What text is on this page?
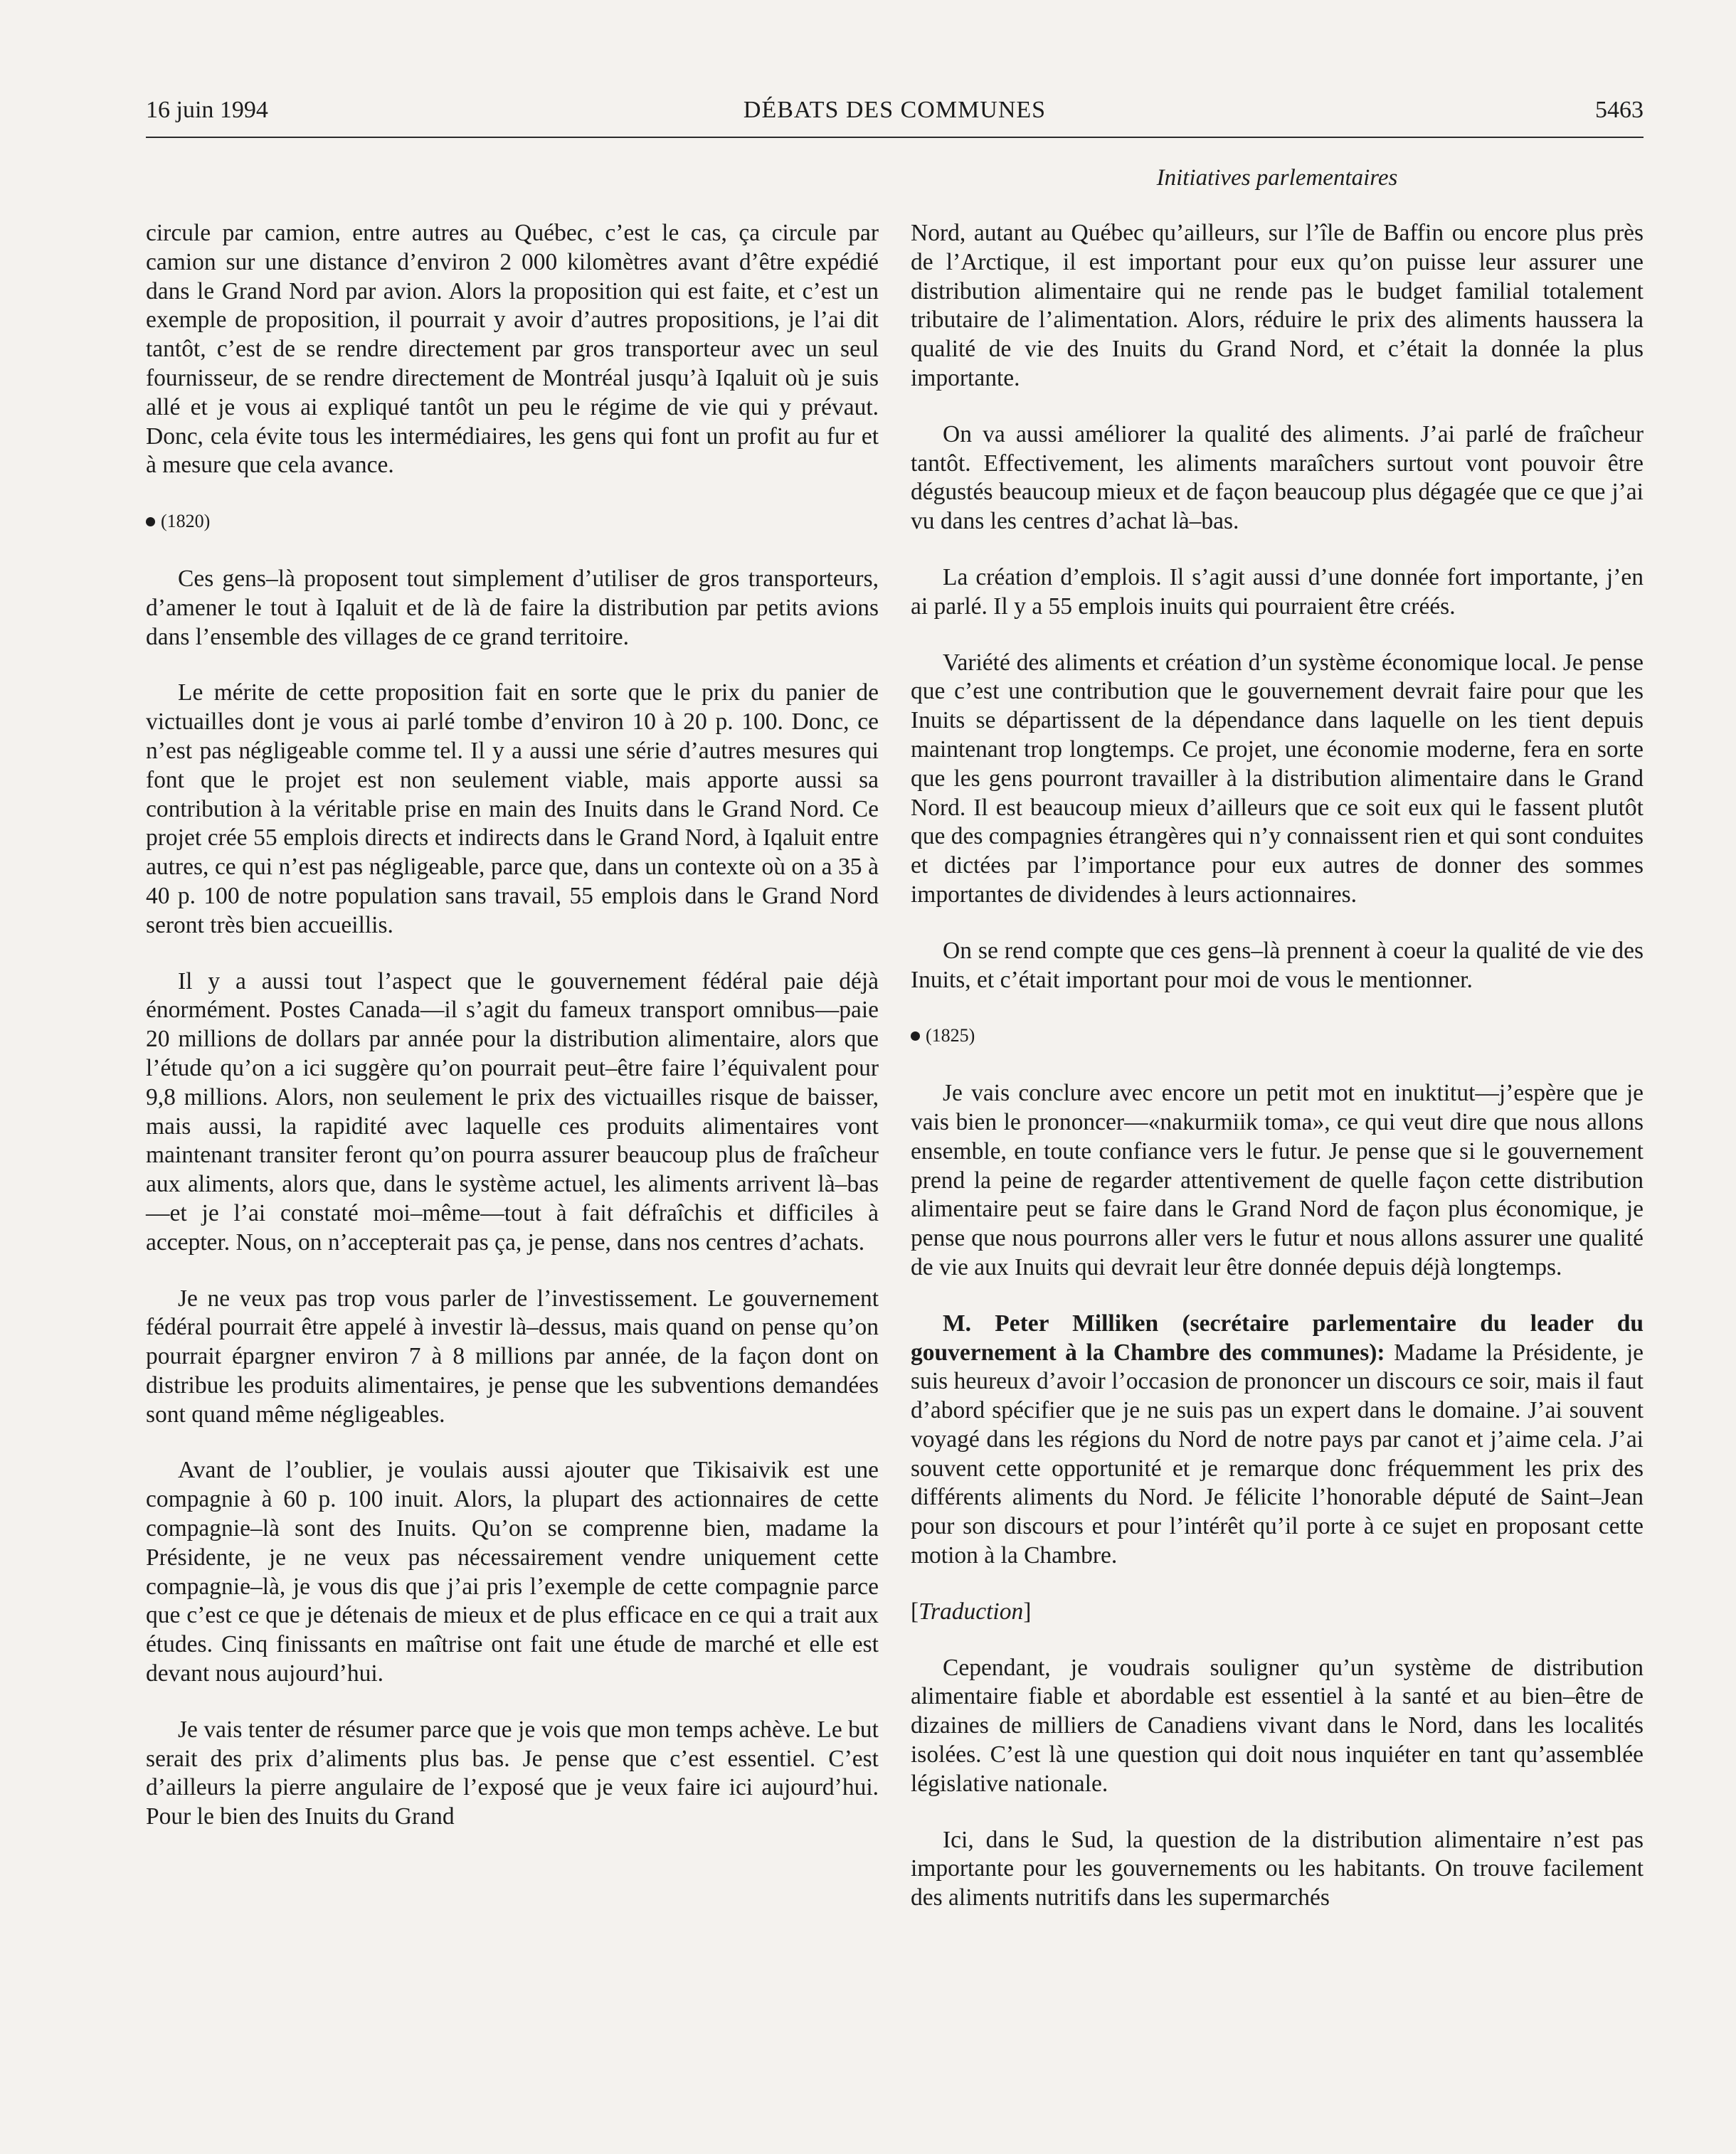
16 juin 1994	DÉBATS DES COMMUNES	5463
Initiatives parlementaires

circule par camion, entre autres au Québec, c’est le cas, ça circule par camion sur une distance d’environ 2 000 kilomètres avant d’être expédié dans le Grand Nord par avion. Alors la proposition qui est faite, et c’est un exemple de proposition, il pourrait y avoir d’autres propositions, je l’ai dit tantôt, c’est de se rendre directement par gros transporteur avec un seul fournisseur, de se rendre directement de Montréal jusqu’à Iqaluit où je suis allé et je vous ai expliqué tantôt un peu le régime de vie qui y prévaut. Donc, cela évite tous les intermédiaires, les gens qui font un profit au fur et à mesure que cela avance.

(1820)

Ces gens–là proposent tout simplement d’utiliser de gros transporteurs, d’amener le tout à Iqaluit et de là de faire la distribution par petits avions dans l’ensemble des villages de ce grand territoire.

Le mérite de cette proposition fait en sorte que le prix du panier de victuailles dont je vous ai parlé tombe d’environ 10 à 20 p. 100. Donc, ce n’est pas négligeable comme tel. Il y a aussi une série d’autres mesures qui font que le projet est non seulement viable, mais apporte aussi sa contribution à la véritable prise en main des Inuits dans le Grand Nord. Ce projet crée 55 emplois directs et indirects dans le Grand Nord, à Iqaluit entre autres, ce qui n’est pas négligeable, parce que, dans un contexte où on a 35 à 40 p. 100 de notre population sans travail, 55 emplois dans le Grand Nord seront très bien accueillis.

Il y a aussi tout l’aspect que le gouvernement fédéral paie déjà énormément. Postes Canada—il s’agit du fameux transport omnibus—paie 20 millions de dollars par année pour la distribution alimentaire, alors que l’étude qu’on a ici suggère qu’on pourrait peut–être faire l’équivalent pour 9,8 millions. Alors, non seulement le prix des victuailles risque de baisser, mais aussi, la rapidité avec laquelle ces produits alimentaires vont maintenant transiter feront qu’on pourra assurer beaucoup plus de fraîcheur aux aliments, alors que, dans le système actuel, les aliments arrivent là–bas—et je l’ai constaté moi–même—tout à fait défraîchis et difficiles à accepter. Nous, on n’accepterait pas ça, je pense, dans nos centres d’achats.

Je ne veux pas trop vous parler de l’investissement. Le gouvernement fédéral pourrait être appelé à investir là–dessus, mais quand on pense qu’on pourrait épargner environ 7 à 8 millions par année, de la façon dont on distribue les produits alimentaires, je pense que les subventions demandées sont quand même négligeables.

Avant de l’oublier, je voulais aussi ajouter que Tikisaivik est une compagnie à 60 p. 100 inuit. Alors, la plupart des actionnaires de cette compagnie–là sont des Inuits. Qu’on se comprenne bien, madame la Présidente, je ne veux pas nécessairement vendre uniquement cette compagnie–là, je vous dis que j’ai pris l’exemple de cette compagnie parce que c’est ce que je détenais de mieux et de plus efficace en ce qui a trait aux études. Cinq finissants en maîtrise ont fait une étude de marché et elle est devant nous aujourd’hui.

Je vais tenter de résumer parce que je vois que mon temps achève. Le but serait des prix d’aliments plus bas. Je pense que c’est essentiel. C’est d’ailleurs la pierre angulaire de l’exposé que je veux faire ici aujourd’hui. Pour le bien des Inuits du Grand

Nord, autant au Québec qu’ailleurs, sur l’île de Baffin ou encore plus près de l’Arctique, il est important pour eux qu’on puisse leur assurer une distribution alimentaire qui ne rende pas le budget familial totalement tributaire de l’alimentation. Alors, réduire le prix des aliments haussera la qualité de vie des Inuits du Grand Nord, et c’était la donnée la plus importante.

On va aussi améliorer la qualité des aliments. J’ai parlé de fraîcheur tantôt. Effectivement, les aliments maraîchers surtout vont pouvoir être dégustés beaucoup mieux et de façon beaucoup plus dégagée que ce que j’ai vu dans les centres d’achat là–bas.

La création d’emplois. Il s’agit aussi d’une donnée fort importante, j’en ai parlé. Il y a 55 emplois inuits qui pourraient être créés.

Variété des aliments et création d’un système économique local. Je pense que c’est une contribution que le gouvernement devrait faire pour que les Inuits se départissent de la dépendance dans laquelle on les tient depuis maintenant trop longtemps. Ce projet, une économie moderne, fera en sorte que les gens pourront travailler à la distribution alimentaire dans le Grand Nord. Il est beaucoup mieux d’ailleurs que ce soit eux qui le fassent plutôt que des compagnies étrangères qui n’y connaissent rien et qui sont conduites et dictées par l’importance pour eux autres de donner des sommes importantes de dividendes à leurs actionnaires.

On se rend compte que ces gens–là prennent à coeur la qualité de vie des Inuits, et c’était important pour moi de vous le mentionner.

(1825)

Je vais conclure avec encore un petit mot en inuktitut—j’espère que je vais bien le prononcer—«nakurmiik toma», ce qui veut dire que nous allons ensemble, en toute confiance vers le futur. Je pense que si le gouvernement prend la peine de regarder attentivement de quelle façon cette distribution alimentaire peut se faire dans le Grand Nord de façon plus économique, je pense que nous pourrons aller vers le futur et nous allons assurer une qualité de vie aux Inuits qui devrait leur être donnée depuis déjà longtemps.

M. Peter Milliken (secrétaire parlementaire du leader du gouvernement à la Chambre des communes): Madame la Présidente, je suis heureux d’avoir l’occasion de prononcer un discours ce soir, mais il faut d’abord spécifier que je ne suis pas un expert dans le domaine. J’ai souvent voyagé dans les régions du Nord de notre pays par canot et j’aime cela. J’ai souvent cette opportunité et je remarque donc fréquemment les prix des différents aliments du Nord. Je félicite l’honorable député de Saint–Jean pour son discours et pour l’intérêt qu’il porte à ce sujet en proposant cette motion à la Chambre.

[Traduction]

Cependant, je voudrais souligner qu’un système de distribution alimentaire fiable et abordable est essentiel à la santé et au bien–être de dizaines de milliers de Canadiens vivant dans le Nord, dans les localités isolées. C’est là une question qui doit nous inquiéter en tant qu’assemblée législative nationale.

Ici, dans le Sud, la question de la distribution alimentaire n’est pas importante pour les gouvernements ou les habitants. On trouve facilement des aliments nutritifs dans les supermarchés
